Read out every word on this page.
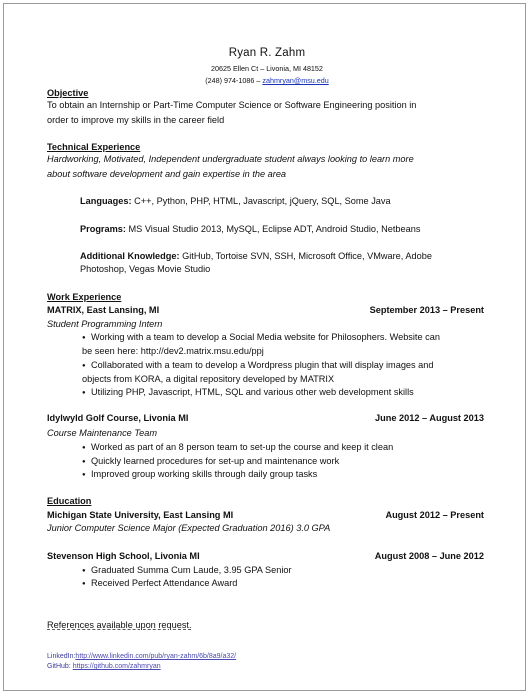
Ryan R. Zahm
20625 Ellen Ct – Livonia, MI 48152
(248) 974-1086 – zahmryan@msu.edu
Objective
To obtain an Internship or Part-Time Computer Science or Software Engineering position in
order to improve my skills in the career field
Technical Experience
Hardworking, Motivated, Independent undergraduate student always looking to learn more
about software development and gain expertise in the area
Languages: C++, Python, PHP, HTML, Javascript, jQuery, SQL, Some Java
Programs: MS Visual Studio 2013, MySQL, Eclipse ADT, Android Studio, Netbeans
Additional Knowledge: GitHub, Tortoise SVN, SSH, Microsoft Office, VMware, Adobe
Photoshop, Vegas Movie Studio
Work Experience
MATRIX, East Lansing, MI	September 2013 – Present
Student Programming Intern
● Working with a team to develop a Social Media website for Philosophers. Website can
be seen here: http://dev2.matrix.msu.edu/ppj
● Collaborated with a team to develop a Wordpress plugin that will display images and
objects from KORA, a digital repository developed by MATRIX
● Utilizing PHP, Javascript, HTML, SQL and various other web development skills
Idylwyld Golf Course, Livonia MI	June 2012 – August 2013
Course Maintenance Team
● Worked as part of an 8 person team to set-up the course and keep it clean
● Quickly learned procedures for set-up and maintenance work
● Improved group working skills through daily group tasks
Education
Michigan State University, East Lansing MI	August 2012 – Present
Junior Computer Science Major (Expected Graduation 2016) 3.0 GPA
Stevenson High School, Livonia MI	August 2008 – June 2012
● Graduated Summa Cum Laude, 3.95 GPA Senior
● Received Perfect Attendance Award
References available upon request.
LinkedIn:http://www.linkedin.com/pub/ryan-zahm/6b/8a9/a32/
GitHub: https://github.com/zahmryan
